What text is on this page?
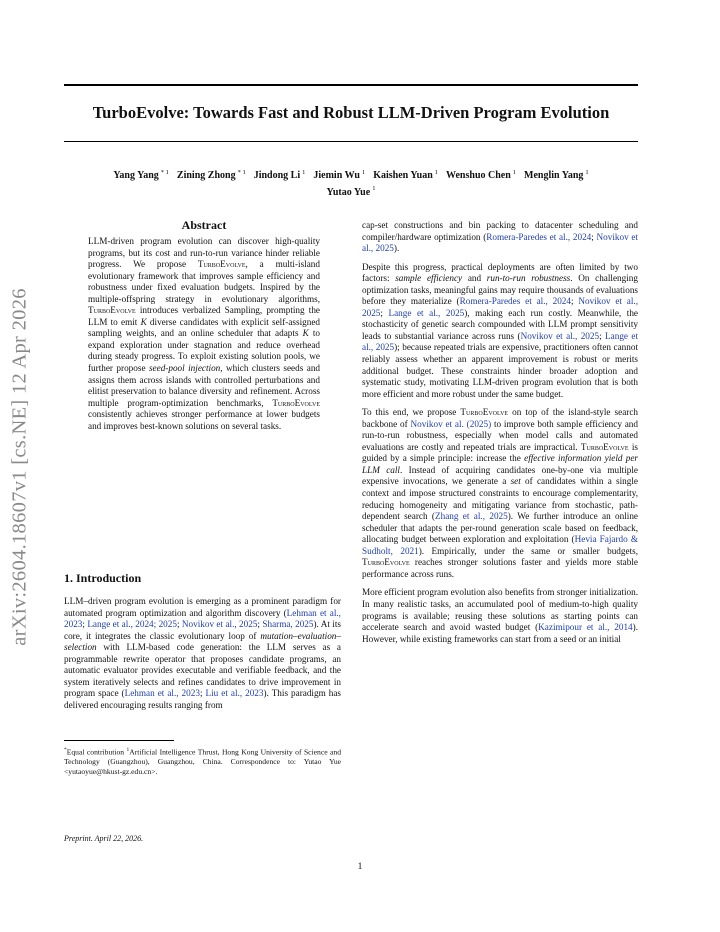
arXiv:2604.18607v1 [cs.NE] 12 Apr 2026
TurboEvolve: Towards Fast and Robust LLM-Driven Program Evolution
Yang Yang $^{* 1}$ Zining Zhong $^{* 1}$ Jindong Li $^1$ Jiemin Wu $^1$ Kaishen Yuan $^1$ Wenshuo Chen $^1$ Menglin Yang $^1$
Yutao Yue $^1$
Abstract

LLM-driven program evolution can discover high-quality programs, but its cost and run-to-run variance hinder reliable progress. We propose TurboEvolve, a multi-island evolutionary framework that improves sample efficiency and robustness under fixed evaluation budgets. Inspired by the multiple-offspring strategy in evolutionary algorithms, TurboEvolve introduces verbalized Sampling, prompting the LLM to emit K diverse candidates with explicit self-assigned sampling weights, and an online scheduler that adapts K to expand exploration under stagnation and reduce overhead during steady progress. To exploit existing solution pools, we further propose seed-pool injection, which clusters seeds and assigns them across islands with controlled perturbations and elitist preservation to balance diversity and refinement. Across multiple program-optimization benchmarks, TurboEvolve consistently achieves stronger performance at lower budgets and improves best-known solutions on several tasks.

1. Introduction

LLM–driven program evolution is emerging as a prominent paradigm for automated program optimization and algorithm discovery (Lehman et al., 2023; Lange et al., 2024; 2025; Novikov et al., 2025; Sharma, 2025). At its core, it integrates the classic evolutionary loop of mutation–evaluation–selection with LLM-based code generation: the LLM serves as a programmable rewrite operator that proposes candidate programs, an automatic evaluator provides executable and verifiable feedback, and the system iteratively selects and refines candidates to drive improvement in program space (Lehman et al., 2023; Liu et al., 2023). This paradigm has delivered encouraging results ranging from

*Equal contribution $^1$Artificial Intelligence Thrust, Hong Kong University of Science and Technology (Guangzhou), Guangzhou, China. Correspondence to: Yutao Yue <yutaoyue@hkust-gz.edu.cn>.
Preprint. April 22, 2026.

cap-set constructions and bin packing to datacenter scheduling and compiler/hardware optimization (Romera-Paredes et al., 2024; Novikov et al., 2025).

Despite this progress, practical deployments are often limited by two factors: sample efficiency and run-to-run robustness. On challenging optimization tasks, meaningful gains may require thousands of evaluations before they materialize (Romera-Paredes et al., 2024; Novikov et al., 2025; Lange et al., 2025), making each run costly. Meanwhile, the stochasticity of genetic search compounded with LLM prompt sensitivity leads to substantial variance across runs (Novikov et al., 2025; Lange et al., 2025); because repeated trials are expensive, practitioners often cannot reliably assess whether an apparent improvement is robust or merits additional budget. These constraints hinder broader adoption and systematic study, motivating LLM-driven program evolution that is both more efficient and more robust under the same budget.

To this end, we propose TurboEvolve on top of the island-style search backbone of Novikov et al. (2025) to improve both sample efficiency and run-to-run robustness, especially when model calls and automated evaluations are costly and repeated trials are impractical. TurboEvolve is guided by a simple principle: increase the effective information yield per LLM call. Instead of acquiring candidates one-by-one via multiple expensive invocations, we generate a set of candidates within a single context and impose structured constraints to encourage complementarity, reducing homogeneity and mitigating variance from stochastic, path-dependent search (Zhang et al., 2025). We further introduce an online scheduler that adapts the per-round generation scale based on feedback, allocating budget between exploration and exploitation (Hevia Fajardo & Sudholt, 2021). Empirically, under the same or smaller budgets, TurboEvolve reaches stronger solutions faster and yields more stable performance across runs.

More efficient program evolution also benefits from stronger initialization. In many realistic tasks, an accumulated pool of medium-to-high quality programs is available; reusing these solutions as starting points can accelerate search and avoid wasted budget (Kazimipour et al., 2014). However, while existing frameworks can start from a seed or an initial

1
